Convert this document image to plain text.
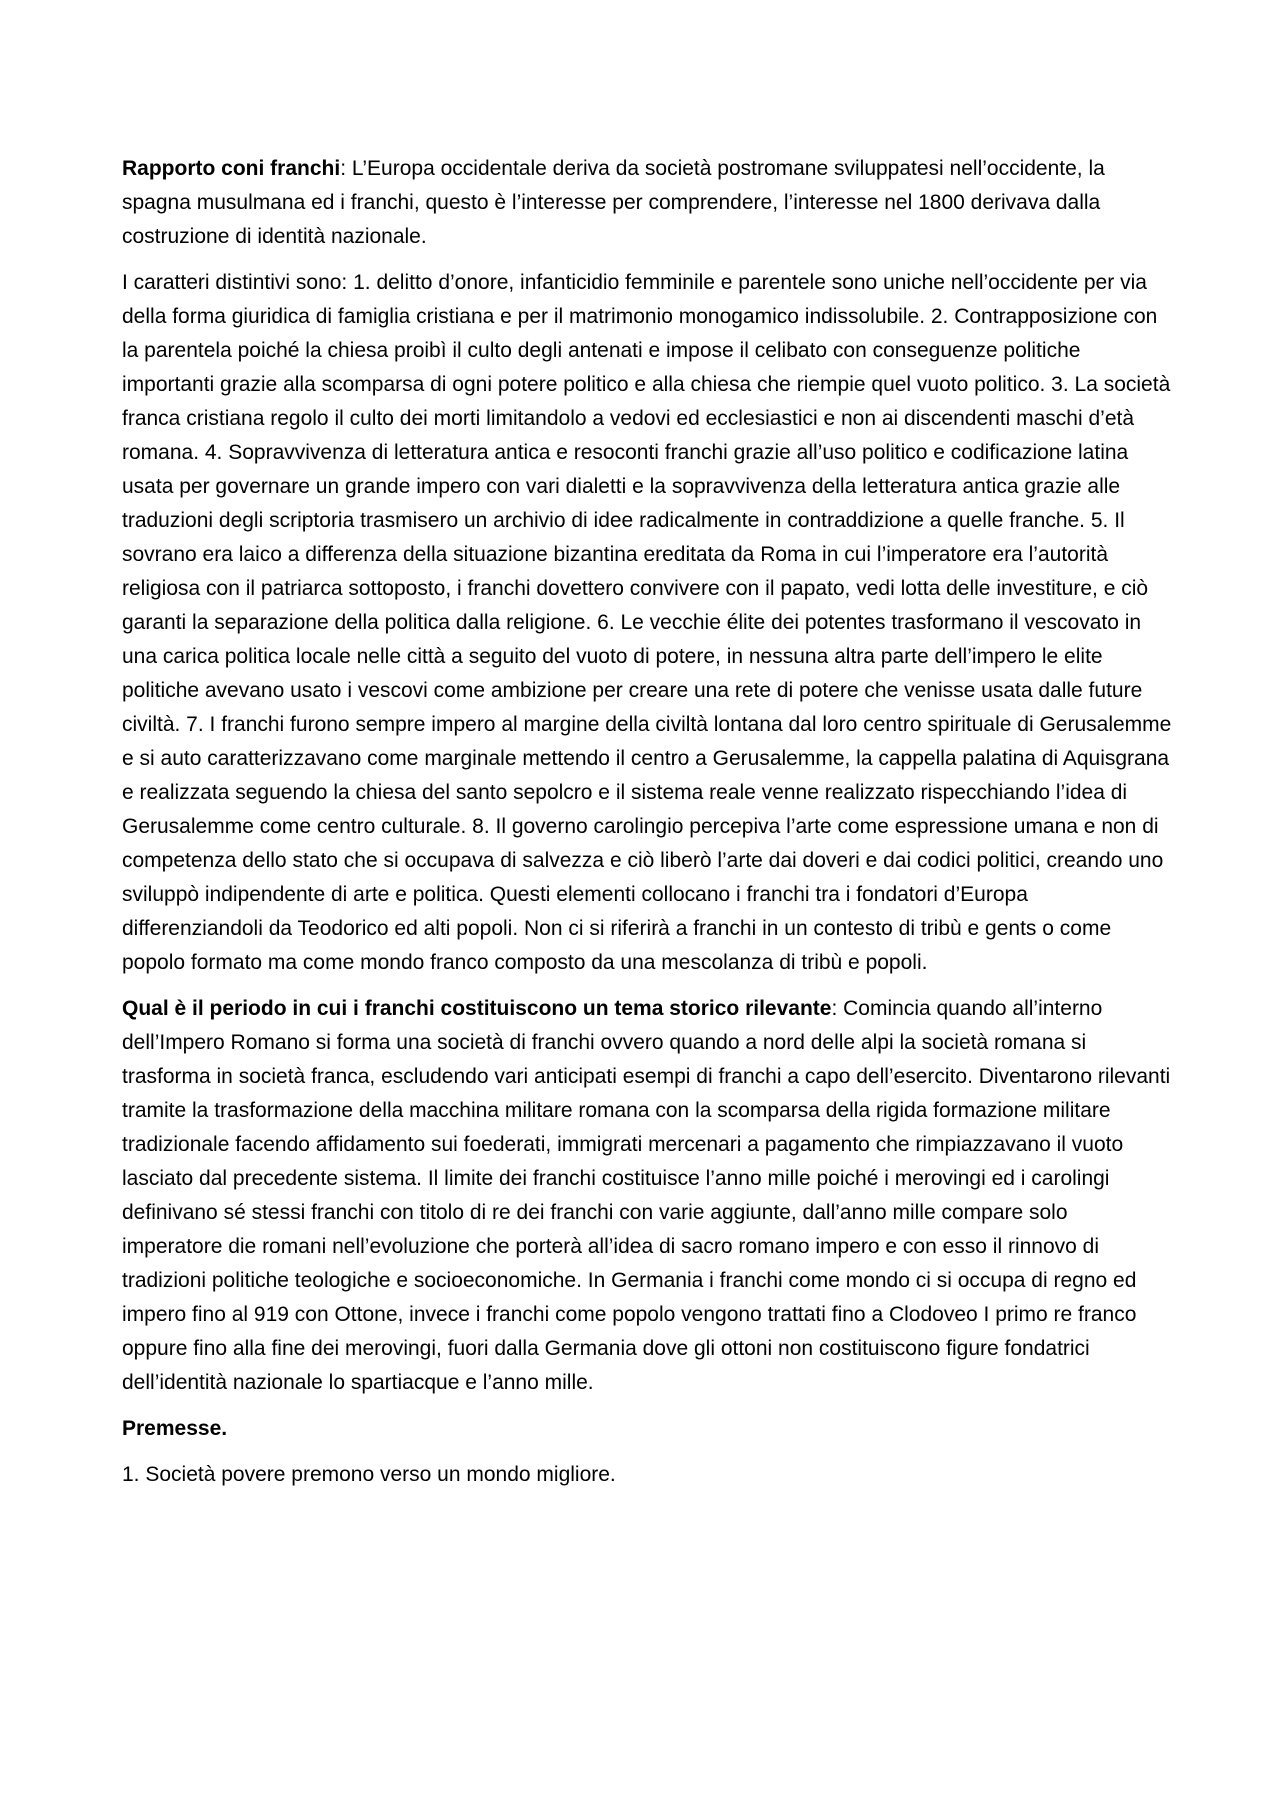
Rapporto coni franchi: L’Europa occidentale deriva da società postromane sviluppatesi nell’occidente, la spagna musulmana ed i franchi, questo è l’interesse per comprendere, l’interesse nel 1800 derivava dalla costruzione di identità nazionale.

I caratteri distintivi sono: 1. delitto d’onore, infanticidio femminile e parentele sono uniche nell’occidente per via della forma giuridica di famiglia cristiana e per il matrimonio monogamico indissolubile. 2. Contrapposizione con la parentela poiché la chiesa proibì il culto degli antenati e impose il celibato con conseguenze politiche importanti grazie alla scomparsa di ogni potere politico e alla chiesa che riempie quel vuoto politico. 3. La società franca cristiana regolo il culto dei morti limitandolo a vedovi ed ecclesiastici e non ai discendenti maschi d’età romana. 4. Sopravvivenza di letteratura antica e resoconti franchi grazie all’uso politico e codificazione latina usata per governare un grande impero con vari dialetti e la sopravvivenza della letteratura antica grazie alle traduzioni degli scriptoria trasmisero un archivio di idee radicalmente in contraddizione a quelle franche. 5. Il sovrano era laico a differenza della situazione bizantina ereditata da Roma in cui l’imperatore era l’autorità religiosa con il patriarca sottoposto, i franchi dovettero convivere con il papato, vedi lotta delle investiture, e ciò garanti la separazione della politica dalla religione. 6. Le vecchie élite dei potentes trasformano il vescovato in una carica politica locale nelle città a seguito del vuoto di potere, in nessuna altra parte dell’impero le elite politiche avevano usato i vescovi come ambizione per creare una rete di potere che venisse usata dalle future civiltà. 7. I franchi furono sempre impero al margine della civiltà lontana dal loro centro spirituale di Gerusalemme e si auto caratterizzavano come marginale mettendo il centro a Gerusalemme, la cappella palatina di Aquisgrana e realizzata seguendo la chiesa del santo sepolcro e il sistema reale venne realizzato rispecchiando l’idea di Gerusalemme come centro culturale. 8. Il governo carolingio percepiva l’arte come espressione umana e non di competenza dello stato che si occupava di salvezza e ciò liberò l’arte dai doveri e dai codici politici, creando uno sviluppò indipendente di arte e politica. Questi elementi collocano i franchi tra i fondatori d’Europa differenziandoli da Teodorico ed alti popoli. Non ci si riferirà a franchi in un contesto di tribù e gents o come popolo formato ma come mondo franco composto da una mescolanza di tribù e popoli.

Qual è il periodo in cui i franchi costituiscono un tema storico rilevante: Comincia quando all’interno dell’Impero Romano si forma una società di franchi ovvero quando a nord delle alpi la società romana si trasforma in società franca, escludendo vari anticipati esempi di franchi a capo dell’esercito. Diventarono rilevanti tramite la trasformazione della macchina militare romana con la scomparsa della rigida formazione militare tradizionale facendo affidamento sui foederati, immigrati mercenari a pagamento che rimpiazzavano il vuoto lasciato dal precedente sistema. Il limite dei franchi costituisce l’anno mille poiché i merovingi ed i carolingi definivano sé stessi franchi con titolo di re dei franchi con varie aggiunte, dall’anno mille compare solo imperatore die romani nell’evoluzione che porterà all’idea di sacro romano impero e con esso il rinnovo di tradizioni politiche teologiche e socioeconomiche. In Germania i franchi come mondo ci si occupa di regno ed impero fino al 919 con Ottone, invece i franchi come popolo vengono trattati fino a Clodoveo I primo re franco oppure fino alla fine dei merovingi, fuori dalla Germania dove gli ottoni non costituiscono figure fondatrici dell’identità nazionale lo spartiacque e l’anno mille.

Premesse.

1. Società povere premono verso un mondo migliore.
